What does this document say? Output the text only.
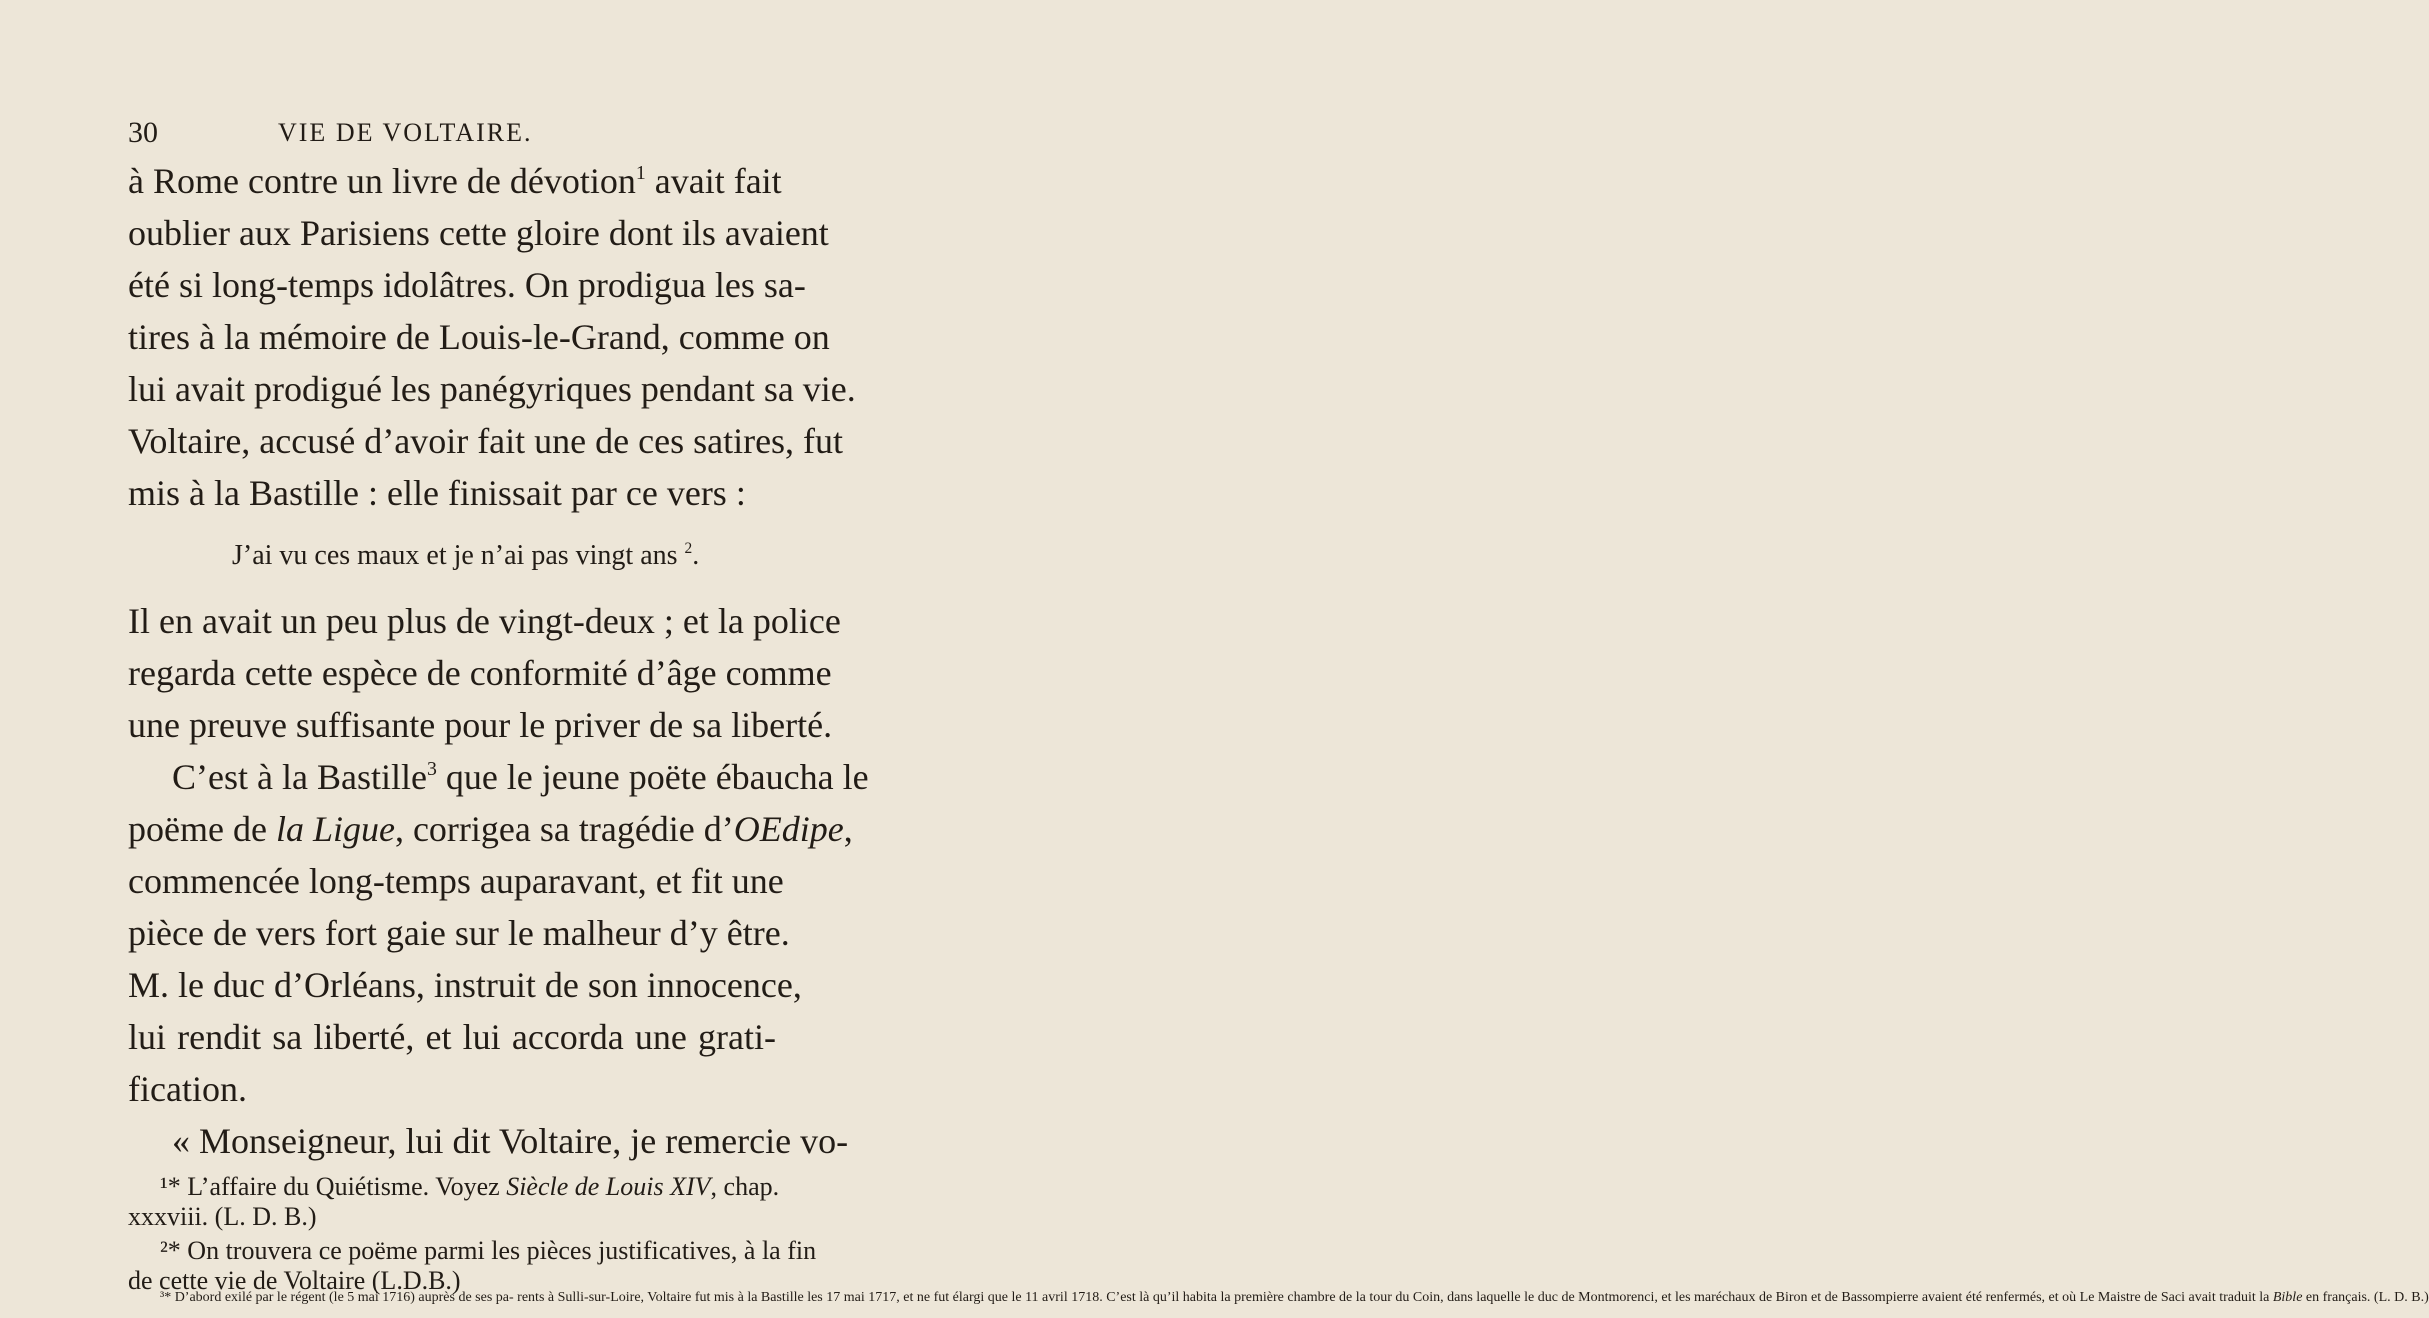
30	VIE DE VOLTAIRE.
à Rome contre un livre de dévotion$^1$ avait fait
oublier aux Parisiens cette gloire dont ils avaient
été si long-temps idolâtres. On prodigua les sa-
tires à la mémoire de Louis-le-Grand, comme on
lui avait prodigué les panégyriques pendant sa vie.
Voltaire, accusé d’avoir fait une de ces satires, fut
mis à la Bastille : elle finissait par ce vers :
J’ai vu ces maux et je n’ai pas vingt ans $^2$.
Il en avait un peu plus de vingt-deux ; et la police
regarda cette espèce de conformité d’âge comme
une preuve suffisante pour le priver de sa liberté.
C’est à la Bastille$^3$ que le jeune poëte ébaucha le
poëme de la Ligue, corrigea sa tragédie d’OEdipe,
commencée long-temps auparavant, et fit une
pièce de vers fort gaie sur le malheur d’y être.
M. le duc d’Orléans, instruit de son innocence,
lui rendit sa liberté, et lui accorda une grati-
fication.
« Monseigneur, lui dit Voltaire, je remercie vo-
¹* L’affaire du Quiétisme. Voyez Siècle de Louis XIV, chap.
xxxviii. (L. D. B.)
²* On trouvera ce poëme parmi les pièces justificatives, à la fin
de cette vie de Voltaire (L.D.B.)
³* D’abord exilé par le régent (le 5 mai 1716) auprès de ses pa- rents à Sulli-sur-Loire, Voltaire fut mis à la Bastille les 17 mai 1717, et ne fut élargi que le 11 avril 1718. C’est là qu’il habita la première chambre de la tour du Coin, dans laquelle le duc de Montmorenci, et les maréchaux de Biron et de Bassompierre avaient été renfermés, et où Le Maistre de Saci avait traduit la Bible en français. (L. D. B.)
